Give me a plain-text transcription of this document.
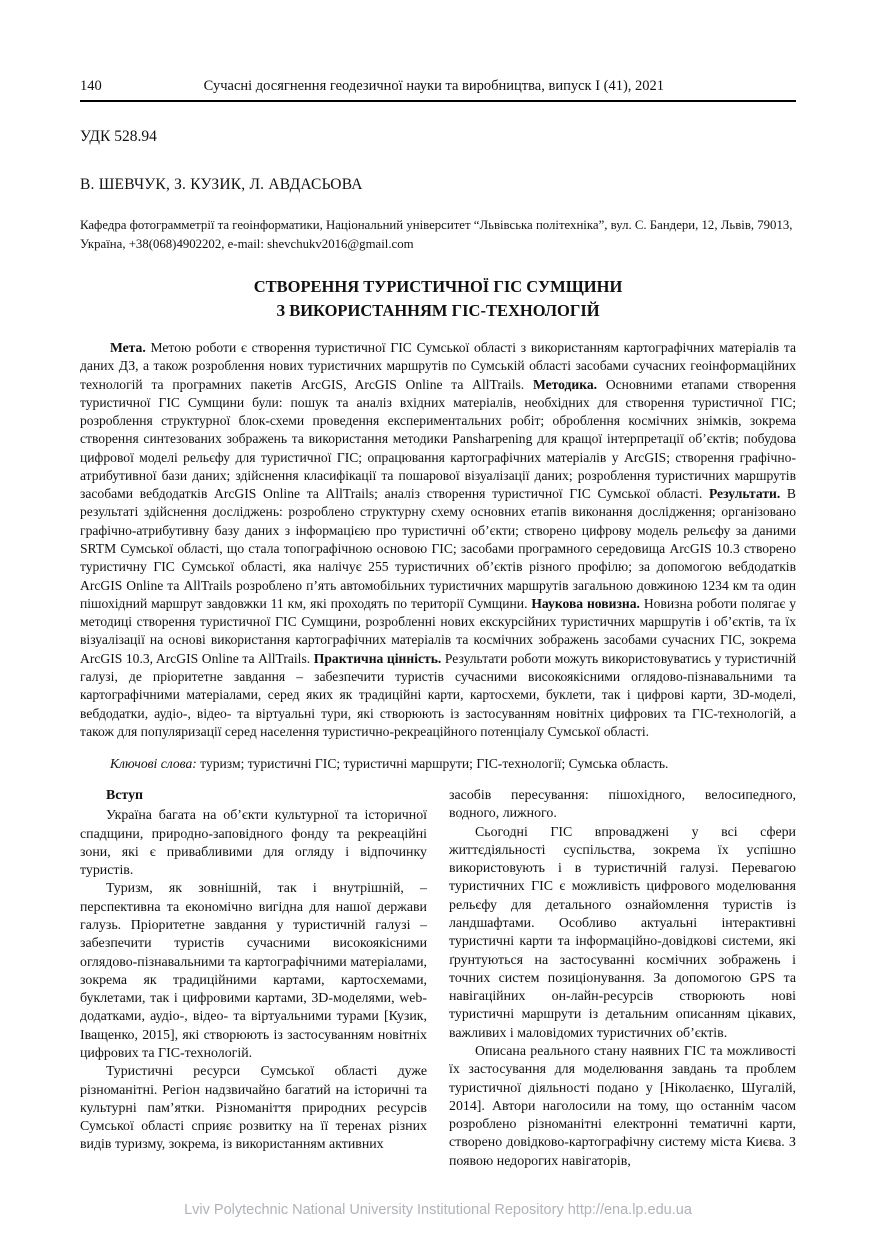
140	Сучасні досягнення геодезичної науки та виробництва, випуск І (41), 2021
УДК 528.94
В. ШЕВЧУК, З. КУЗИК, Л. АВДАСЬОВА
Кафедра фотограмметрії та геоінформатики, Національний університет “Львівська політехніка”, вул. С. Бандери, 12, Львів, 79013, Україна, +38(068)4902202, e-mail: shevchukv2016@gmail.com
СТВОРЕННЯ ТУРИСТИЧНОЇ ГІС СУМЩИНИ
З ВИКОРИСТАННЯМ ГІС-ТЕХНОЛОГІЙ

Мета. Метою роботи є створення туристичної ГІС Сумської області з використанням картографічних матеріалів та даних ДЗ, а також розроблення нових туристичних маршрутів по Сумській області засобами сучасних геоінформаційних технологій та програмних пакетів ArcGIS, ArcGIS Online та AllTrails. Методика. Основними етапами створення туристичної ГІС Сумщини були: пошук та аналіз вхідних матеріалів, необхідних для створення туристичної ГІС; розроблення структурної блок-схеми проведення експериментальних робіт; оброблення космічних знімків, зокрема створення синтезованих зображень та використання методики Pansharpening для кращої інтерпретації об’єктів; побудова цифрової моделі рельєфу для туристичної ГІС; опрацювання картографічних матеріалів у ArcGIS; створення графічно-атрибутивної бази даних; здійснення класифікації та пошарової візуалізації даних; розроблення туристичних маршрутів засобами вебдодатків ArcGIS Online та AllTrails; аналіз створення туристичної ГІС Сумської області. Результати. В результаті здійснення досліджень: розроблено структурну схему основних етапів виконання дослідження; організовано графічно-атрибутивну базу даних з інформацією про туристичні об’єкти; створено цифрову модель рельєфу за даними SRTM Сумської області, що стала топографічною основою ГІС; засобами програмного середовища ArcGIS 10.3 створено туристичну ГІС Сумської області, яка налічує 255 туристичних об’єктів різного профілю; за допомогою вебдодатків ArcGIS Online та AllTrails розроблено п’ять автомобільних туристичних маршрутів загальною довжиною 1234 км та один пішохідний маршрут завдовжки 11 км, які проходять по території Сумщини. Наукова новизна. Новизна роботи полягає у методиці створення туристичної ГІС Сумщини, розробленні нових екскурсійних туристичних маршрутів і об’єктів, та їх візуалізації на основі використання картографічних матеріалів та космічних зображень засобами сучасних ГІС, зокрема ArcGIS 10.3, ArcGIS Online та AllTrails. Практична цінність. Результати роботи можуть використовуватись у туристичній галузі, де пріоритетне завдання – забезпечити туристів сучасними високоякісними оглядово-пізнавальними та картографічними матеріалами, серед яких як традиційні карти, картосхеми, буклети, так і цифрові карти, 3D-моделі, вебдодатки, аудіо-, відео- та віртуальні тури, які створюють із застосуванням новітніх цифрових та ГІС-технологій, а також для популяризації серед населення туристично-рекреаційного потенціалу Сумської області.

Ключові слова: туризм; туристичні ГІС; туристичні маршрути; ГІС-технології; Сумська область.

Вступ

Україна багата на об’єкти культурної та історичної спадщини, природно-заповідного фонду та рекреаційні зони, які є привабливими для огляду і відпочинку туристів.

Туризм, як зовнішній, так і внутрішній, – перспективна та економічно вигідна для нашої держави галузь. Пріоритетне завдання у туристичній галузі – забезпечити туристів сучасними високоякісними оглядово-пізнавальними та картографічними матеріалами, зокрема як традиційними картами, картосхемами, буклетами, так і цифровими картами, 3D-моделями, web-додатками, аудіо-, відео- та віртуальними турами [Кузик, Іващенко, 2015], які створюють із застосуванням новітніх цифрових та ГІС-технологій.

Туристичні ресурси Сумської області дуже різноманітні. Регіон надзвичайно багатий на історичні та культурні пам’ятки. Різноманіття природних ресурсів Сумської області сприяє розвитку на її теренах різних видів туризму, зокрема, із використанням активних

засобів пересування: пішохідного, велосипедного, водного, лижного.

Сьогодні ГІС впроваджені у всі сфери життєдіяльності суспільства, зокрема їх успішно використовують і в туристичній галузі. Перевагою туристичних ГІС є можливість цифрового моделювання рельєфу для детального ознайомлення туристів із ландшафтами. Особливо актуальні інтерактивні туристичні карти та інформаційно-довідкові системи, які ґрунтуються на застосуванні космічних зображень і точних систем позиціонування. За допомогою GPS та навігаційних он-лайн-ресурсів створюють нові туристичні маршрути із детальним описанням цікавих, важливих і маловідомих туристичних об’єктів.

Описана реального стану наявних ГІС та можливості їх застосування для моделювання завдань та проблем туристичної діяльності подано у [Ніколаєнко, Шугалій, 2014]. Автори наголосили на тому, що останнім часом розроблено різноманітні електронні тематичні карти, створено довідково-картографічну систему міста Києва. З появою недорогих навігаторів,

Lviv Polytechnic National University Institutional Repository http://ena.lp.edu.ua
